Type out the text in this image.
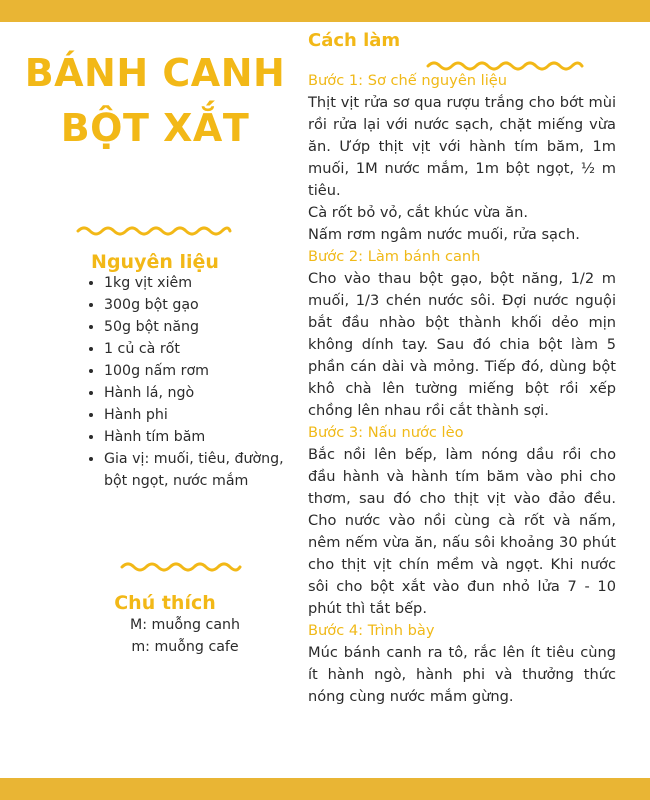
BÁNH CANH
BỘT XẮT
Nguyên liệu
• 1kg vịt xiêm
• 300g bột gạo
• 50g bột năng
• 1 củ cà rốt
• 100g nấm rơm
• Hành lá, ngò
• Hành phi
• Hành tím băm
• Gia vị: muối, tiêu, đường, bột ngọt, nước mắm
Chú thích
M: muỗng canh
m: muỗng cafe
Cách làm
Bước 1: Sơ chế nguyên liệu

Thịt vịt rửa sơ qua rượu trắng cho bớt mùi rồi rửa lại với nước sạch, chặt miếng vừa ăn. Ướp thịt vịt với hành tím băm, 1m muối, 1M nước mắm, 1m bột ngọt, ½ m tiêu.

Cà rốt bỏ vỏ, cắt khúc vừa ăn.

Nấm rơm ngâm nước muối, rửa sạch.

Bước 2: Làm bánh canh

Cho vào thau bột gạo, bột năng, 1/2 m muối, 1/3 chén nước sôi. Đợi nước nguội bắt đầu nhào bột thành khối dẻo mịn không dính tay. Sau đó chia bột làm 5 phần cán dài và mỏng. Tiếp đó, dùng bột khô chà lên tường miếng bột rồi xếp chồng lên nhau rồi cắt thành sợi.

Bước 3: Nấu nước lèo

Bắc nồi lên bếp, làm nóng dầu rồi cho đầu hành và hành tím băm vào phi cho thơm, sau đó cho thịt vịt vào đảo đều. Cho nước vào nồi cùng cà rốt và nấm, nêm nếm vừa ăn, nấu sôi khoảng 30 phút cho thịt vịt chín mềm và ngọt. Khi nước sôi cho bột xắt vào đun nhỏ lửa 7 - 10 phút thì tắt bếp.

Bước 4: Trình bày

Múc bánh canh ra tô, rắc lên ít tiêu cùng ít hành ngò, hành phi và thưởng thức nóng cùng nước mắm gừng.
